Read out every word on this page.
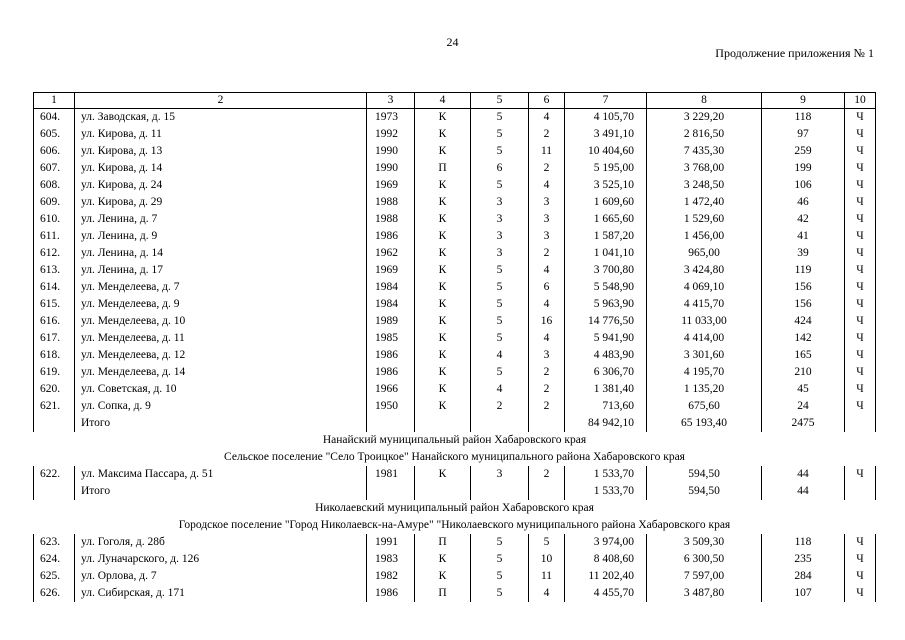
24
Продолжение приложения № 1
1	2	3	4	5	6	7	8	9	10
604.	ул. Заводская, д. 15	1973	К	5	4	4 105,70	3 229,20	118	Ч
605.	ул. Кирова, д. 11	1992	К	5	2	3 491,10	2 816,50	97	Ч
606.	ул. Кирова, д. 13	1990	К	5	11	10 404,60	7 435,30	259	Ч
607.	ул. Кирова, д. 14	1990	П	6	2	5 195,00	3 768,00	199	Ч
608.	ул. Кирова, д. 24	1969	К	5	4	3 525,10	3 248,50	106	Ч
609.	ул. Кирова, д. 29	1988	К	3	3	1 609,60	1 472,40	46	Ч
610.	ул. Ленина, д. 7	1988	К	3	3	1 665,60	1 529,60	42	Ч
611.	ул. Ленина, д. 9	1986	К	3	3	1 587,20	1 456,00	41	Ч
612.	ул. Ленина, д. 14	1962	К	3	2	1 041,10	965,00	39	Ч
613.	ул. Ленина, д. 17	1969	К	5	4	3 700,80	3 424,80	119	Ч
614.	ул. Менделеева, д. 7	1984	К	5	6	5 548,90	4 069,10	156	Ч
615.	ул. Менделеева, д. 9	1984	К	5	4	5 963,90	4 415,70	156	Ч
616.	ул. Менделеева, д. 10	1989	К	5	16	14 776,50	11 033,00	424	Ч
617.	ул. Менделеева, д. 11	1985	К	5	4	5 941,90	4 414,00	142	Ч
618.	ул. Менделеева, д. 12	1986	К	4	3	4 483,90	3 301,60	165	Ч
619.	ул. Менделеева, д. 14	1986	К	5	2	6 306,70	4 195,70	210	Ч
620.	ул. Советская, д. 10	1966	К	4	2	1 381,40	1 135,20	45	Ч
621.	ул. Сопка, д. 9	1950	К	2	2	713,60	675,60	24	Ч
	Итого					84 942,10	65 193,40	2475	
Нанайский муниципальный район Хабаровского края									
Сельское поселение "Село Троицкое" Нанайского муниципального района Хабаровского края									
622.	ул. Максима Пассара, д. 51	1981	К	3	2	1 533,70	594,50	44	Ч
	Итого					1 533,70	594,50	44	
Николаевский муниципальный район Хабаровского края									
Городское поселение "Город Николаевск-на-Амуре" "Николаевского муниципального района Хабаровского края									
623.	ул. Гоголя, д. 28б	1991	П	5	5	3 974,00	3 509,30	118	Ч
624.	ул. Луначарского, д. 126	1983	К	5	10	8 408,60	6 300,50	235	Ч
625.	ул. Орлова, д. 7	1982	К	5	11	11 202,40	7 597,00	284	Ч
626.	ул. Сибирская, д. 171	1986	П	5	4	4 455,70	3 487,80	107	Ч
